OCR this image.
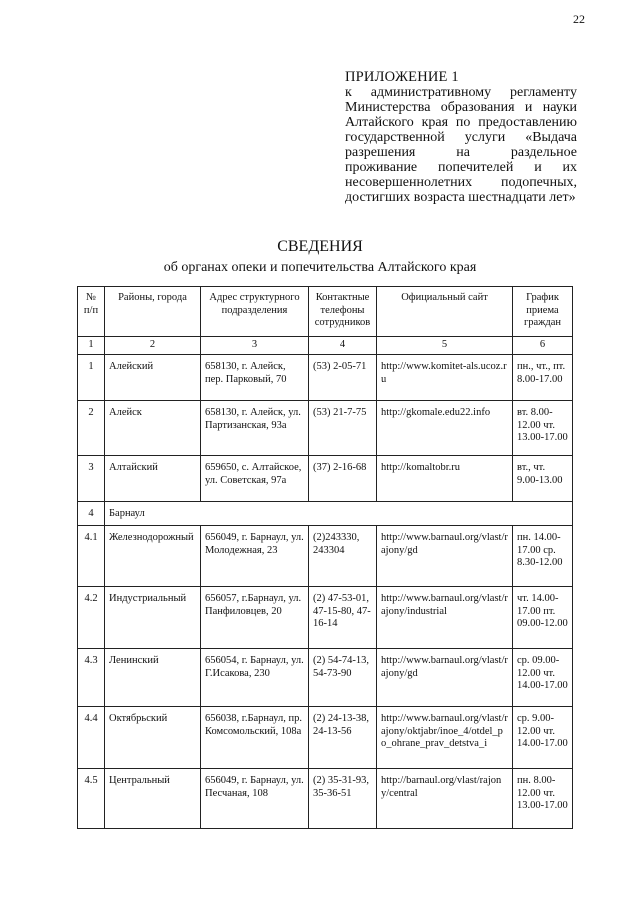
22
ПРИЛОЖЕНИЕ 1
к административному регламенту Министерства образования и науки Алтайского края по предоставлению государственной услуги «Выдача разрешения на раздельное проживание попечителей и их несовершеннолетних подопечных, достигших возраста шестнадцати лет»
СВЕДЕНИЯ
об органах опеки и попечительства Алтайского края
№ п/п	Районы, города	Адрес структурного подразделения	Контактные телефоны сотрудников	Официальный сайт	График приема граждан
1	2	3	4	5	6
1	Алейский	658130, г. Алейск, пер. Парковый, 70	(53) 2-05-71	http://www.komitet-als.ucoz.ru	пн., чт., пт. 8.00-17.00
2	Алейск	658130, г. Алейск, ул. Партизанская, 93а	(53) 21-7-75	http://gkomale.edu22.info	вт. 8.00-12.00 чт. 13.00-17.00
3	Алтайский	659650, с. Алтайское, ул. Советская, 97а	(37) 2-16-68	http://komaltobr.ru	вт., чт. 9.00-13.00
4	Барнаул				
4.1	Железнодорожный	656049, г. Барнаул, ул. Молодежная, 23	(2)243330, 243304	http://www.barnaul.org/vlast/rajony/gd	пн. 14.00-17.00 ср. 8.30-12.00
4.2	Индустриальный	656057, г.Барнаул, ул. Панфиловцев, 20	(2) 47-53-01, 47-15-80, 47-16-14	http://www.barnaul.org/vlast/rajony/industrial	чт. 14.00-17.00 пт. 09.00-12.00
4.3	Ленинский	656054, г. Барнаул, ул. Г.Исакова, 230	(2) 54-74-13, 54-73-90	http://www.barnaul.org/vlast/rajony/gd	ср. 09.00-12.00 чт. 14.00-17.00
4.4	Октябрьский	656038, г.Барнаул, пр. Комсомольский, 108а	(2) 24-13-38, 24-13-56	http://www.barnaul.org/vlast/rajony/oktjabr/inoe_4/otdel_po_ohrane_prav_detstva_i	ср. 9.00-12.00 чт. 14.00-17.00
4.5	Центральный	656049, г. Барнаул, ул. Песчаная, 108	(2) 35-31-93, 35-36-51	http://barnaul.org/vlast/rajony/central	пн. 8.00-12.00 чт. 13.00-17.00
